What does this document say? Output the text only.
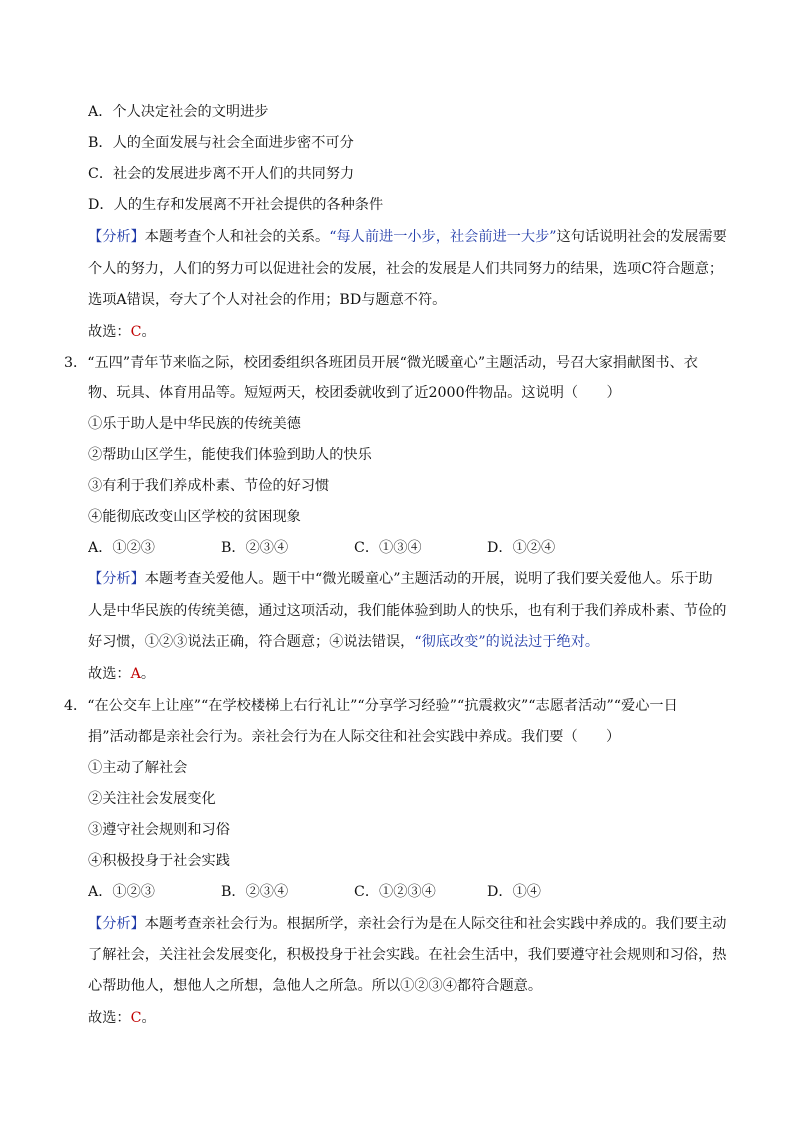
A．个人决定社会的文明进步
B．人的全面发展与社会全面进步密不可分
C．社会的发展进步离不开人们的共同努力
D．人的生存和发展离不开社会提供的各种条件
【分析】本题考查个人和社会的关系。“每人前进一小步，社会前进一大步”这句话说明社会的发展需要
个人的努力，人们的努力可以促进社会的发展，社会的发展是人们共同努力的结果，选项C符合题意；
选项A错误，夸大了个人对社会的作用；BD与题意不符。
故选：C。
3．“五四”青年节来临之际，校团委组织各班团员开展“微光暖童心”主题活动，号召大家捐献图书、衣
物、玩具、体育用品等。短短两天，校团委就收到了近2000件物品。这说明（　　）
①乐于助人是中华民族的传统美德
②帮助山区学生，能使我们体验到助人的快乐
③有利于我们养成朴素、节俭的好习惯
④能彻底改变山区学校的贫困现象
A．①②③	B．②③④	C．①③④	D．①②④
【分析】本题考查关爱他人。题干中“微光暖童心”主题活动的开展，说明了我们要关爱他人。乐于助
人是中华民族的传统美德，通过这项活动，我们能体验到助人的快乐，也有利于我们养成朴素、节俭的
好习惯，①②③说法正确，符合题意；④说法错误，“彻底改变”的说法过于绝对。
故选：A。
4．“在公交车上让座”“在学校楼梯上右行礼让”“分享学习经验”“抗震救灾”“志愿者活动”“爱心一日
捐”活动都是亲社会行为。亲社会行为在人际交往和社会实践中养成。我们要（　　）
①主动了解社会
②关注社会发展变化
③遵守社会规则和习俗
④积极投身于社会实践
A．①②③	B．②③④	C．①②③④	D．①④
【分析】本题考查亲社会行为。根据所学，亲社会行为是在人际交往和社会实践中养成的。我们要主动
了解社会，关注社会发展变化，积极投身于社会实践。在社会生活中，我们要遵守社会规则和习俗，热
心帮助他人，想他人之所想，急他人之所急。所以①②③④都符合题意。
故选：C。
